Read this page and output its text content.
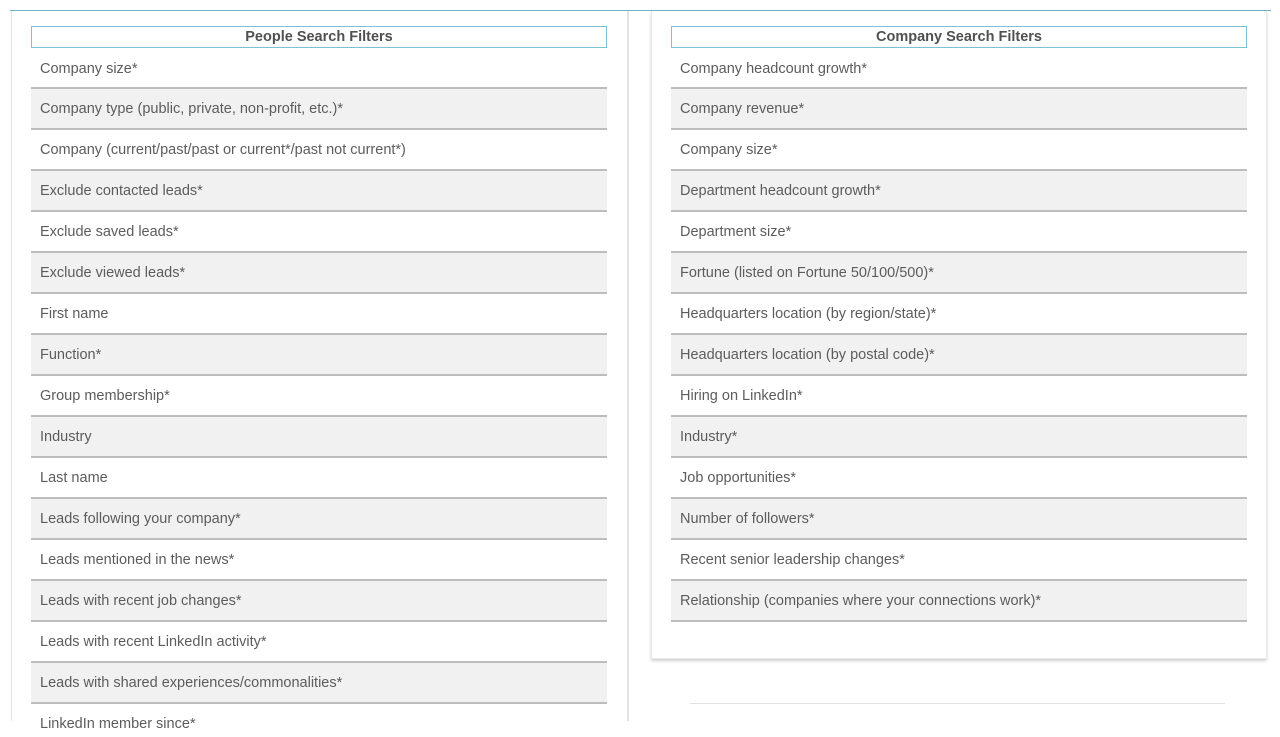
People Search Filters
Company size*
Company type (public, private, non-profit, etc.)*
Company (current/past/past or current*/past not current*)
Exclude contacted leads*
Exclude saved leads*
Exclude viewed leads*
First name
Function*
Group membership*
Industry
Last name
Leads following your company*
Leads mentioned in the news*
Leads with recent job changes*
Leads with recent LinkedIn activity*
Leads with shared experiences/commonalities*
LinkedIn member since*
Company Search Filters
Company headcount growth*
Company revenue*
Company size*
Department headcount growth*
Department size*
Fortune (listed on Fortune 50/100/500)*
Headquarters location (by region/state)*
Headquarters location (by postal code)*
Hiring on LinkedIn*
Industry*
Job opportunities*
Number of followers*
Recent senior leadership changes*
Relationship (companies where your connections work)*
